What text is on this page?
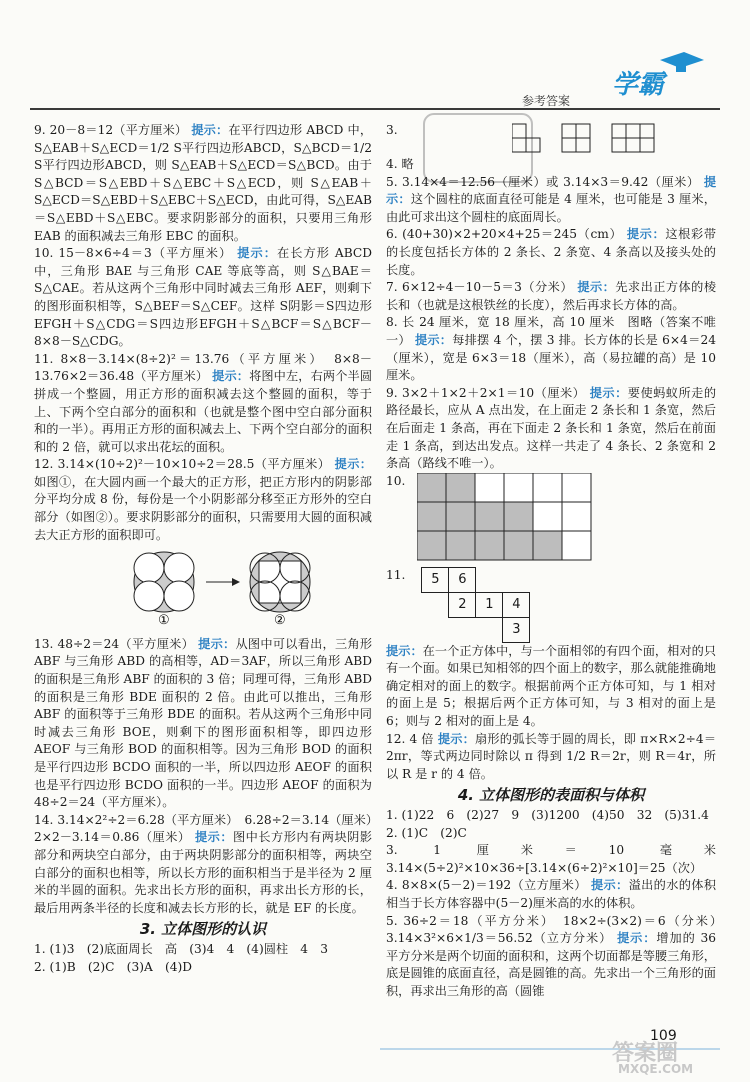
参考答案
学霸

9. 20－8＝12（平方厘米） 提示：在平行四边形 ABCD 中，S△EAB＋S△ECD＝1/2 S平行四边形ABCD，S△BCD＝1/2 S平行四边形ABCD，则 S△EAB＋S△ECD＝S△BCD。由于 S△BCD＝S△EBD＋S△EBC＋S△ECD，则 S△EAB＋S△ECD＝S△EBD＋S△EBC＋S△ECD，由此可得，S△EAB＝S△EBD＋S△EBC。要求阴影部分的面积，只要用三角形 EAB 的面积减去三角形 EBC 的面积。

10. 15－8×6÷4＝3（平方厘米） 提示：在长方形 ABCD 中，三角形 BAE 与三角形 CAE 等底等高，则 S△BAE＝S△CAE。若从这两个三角形中同时减去三角形 AEF，则剩下的图形面积相等，S△BEF＝S△CEF。这样 S阴影＝S四边形EFGH＋S△CDG＝S四边形EFGH＋S△BCF＝S△BCF－8×8－S△CDG。

11. 8×8－3.14×(8÷2)²＝13.76（平方厘米）　8×8－13.76×2＝36.48（平方厘米） 提示：将图中左，右两个半圆拼成一个整圆，用正方形的面积减去这个整圆的面积，等于上、下两个空白部分的面积和（也就是整个图中空白部分面积和的一半）。再用正方形的面积减去上、下两个空白部分的面积和的 2 倍，就可以求出花坛的面积。

12. 3.14×(10÷2)²－10×10÷2＝28.5（平方厘米） 提示：如图①，在大圆内画一个最大的正方形，把正方形内的阴影部分平均分成 8 份，每份是一个小阴影部分移至正方形外的空白部分（如图②）。要求阴影部分的面积，只需要用大圆的面积减去大正方形的面积即可。

①	②

13. 48÷2＝24（平方厘米） 提示：从图中可以看出，三角形 ABF 与三角形 ABD 的高相等，AD＝3AF，所以三角形 ABD 的面积是三角形 ABF 的面积的 3 倍；同理可得，三角形 ABD 的面积是三角形 BDE 面积的 2 倍。由此可以推出，三角形 ABF 的面积等于三角形 BDE 的面积。若从这两个三角形中同时减去三角形 BOE，则剩下的图形面积相等，即四边形 AEOF 与三角形 BOD 的面积相等。因为三角形 BOD 的面积是平行四边形 BCDO 面积的一半，所以四边形 AEOF 的面积也是平行四边形 BCDO 面积的一半。四边形 AEOF 的面积为 48÷2＝24（平方厘米）。

14. 3.14×2²÷2＝6.28（平方厘米）　6.28÷2＝3.14（厘米）　2×2－3.14＝0.86（厘米） 提示：图中长方形内有两块阴影部分和两块空白部分，由于两块阴影部分的面积相等，两块空白部分的面积也相等，所以长方形的面积相当于是半径为 2 厘米的半圆的面积。先求出长方形的面积，再求出长方形的长，最后用两条半径的长度和减去长方形的长，就是 EF 的长度。

3. 立体图形的认识
1. (1)3　(2)底面周长　高　(3)4　4　(4)圆柱　4　3
2. (1)B　(2)C　(3)A　(4)D
3.
4. 略

5. 3.14×4＝12.56（厘米）或 3.14×3＝9.42（厘米） 提示：这个圆柱的底面直径可能是 4 厘米，也可能是 3 厘米，由此可求出这个圆柱的底面周长。

6. (40+30)×2+20×4+25＝245（cm） 提示：这根彩带的长度包括长方体的 2 条长、2 条宽、4 条高以及接头处的长度。

7. 6×12÷4－10－5＝3（分米） 提示：先求出正方体的棱长和（也就是这根铁丝的长度），然后再求长方体的高。

8. 长 24 厘米，宽 18 厘米，高 10 厘米　图略（答案不唯一） 提示：每排摆 4 个，摆 3 排。长方体的长是 6×4＝24（厘米），宽是 6×3＝18（厘米），高（易拉罐的高）是 10 厘米。

9. 3×2＋1×2＋2×1＝10（厘米） 提示：要使蚂蚁所走的路径最长，应从 A 点出发，在上面走 2 条长和 1 条宽，然后在后面走 1 条高，再在下面走 2 条长和 1 条宽，然后在前面走 1 条高，到达出发点。这样一共走了 4 条长、2 条宽和 2 条高（路线不唯一）。

10.
11. 5	6		
	2	1	4
			3

提示：在一个正方体中，与一个面相邻的有四个面，相对的只有一个面。如果已知相邻的四个面上的数字，那么就能推确地确定相对的面上的数字。根据前两个正方体可知，与 1 相对的面上是 5；根据后两个正方体可知，与 3 相对的面上是 6；则与 2 相对的面上是 4。

12. 4 倍 提示：扇形的弧长等于圆的周长，即 π×R×2÷4＝2πr，等式两边同时除以 π 得到 1/2 R＝2r，则 R＝4r，所以 R 是 r 的 4 倍。

4. 立体图形的表面积与体积
1. (1)22　6　(2)27　9　(3)1200　(4)50　32　(5)31.4
2. (1)C　(2)C
3. 1 厘米＝10 毫米　3.14×(5÷2)²×10×36÷[3.14×(6÷2)²×10]＝25（次）

4. 8×8×(5－2)＝192（立方厘米） 提示：溢出的水的体积相当于长方体容器中(5－2)厘米高的水的体积。

5. 36÷2＝18（平方分米）　18×2÷(3×2)＝6（分米）　3.14×3²×6×1/3＝56.52（立方分米） 提示：增加的 36 平方分米是两个切面的面积和，这两个切面都是等腰三角形，底是圆锥的底面直径，高是圆锥的高。先求出一个三角形的面积，再求出三角形的高（圆锥

109
答案圈
MXQE.COM
